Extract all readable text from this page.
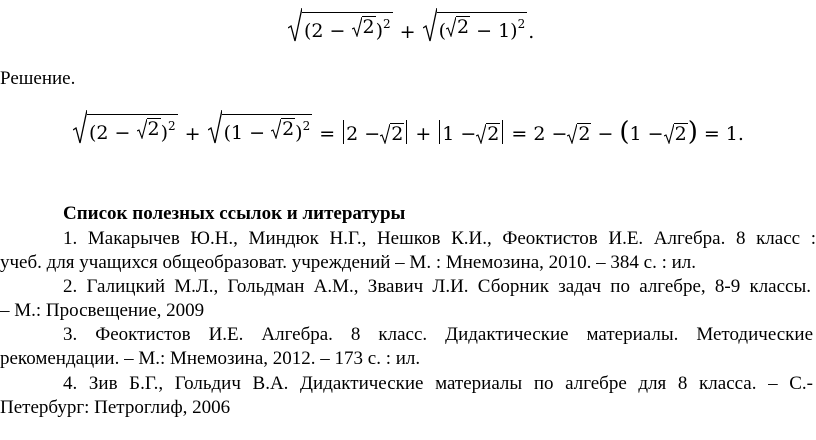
(2 − 2 )$^2$ + ( 2 − 1)$^2$ .
Решение.
(2 − 2 )$^2$ + (1 − 2 )$^2$ = 2 − 2 + 1 − 2 = 2 − 2 − ( 1 − 2 ) = 1.
Список полезных ссылок и литературы
1. Макарычев Ю.Н., Миндюк Н.Г., Нешков К.И., Феоктистов И.Е. Алгебра. 8 класс :
учеб. для учащихся общеобразоват. учреждений – М. : Мнемозина, 2010. – 384 с. : ил.
2. Галицкий М.Л., Гольдман А.М., Звавич Л.И. Сборник задач по алгебре, 8-9 классы.
– М.: Просвещение, 2009
3. Феоктистов И.Е. Алгебра. 8 класс. Дидактические материалы. Методические
рекомендации. – М.: Мнемозина, 2012. – 173 с. : ил.
4. Зив Б.Г., Гольдич В.А. Дидактические материалы по алгебре для 8 класса. – С.-
Петербург: Петроглиф, 2006
